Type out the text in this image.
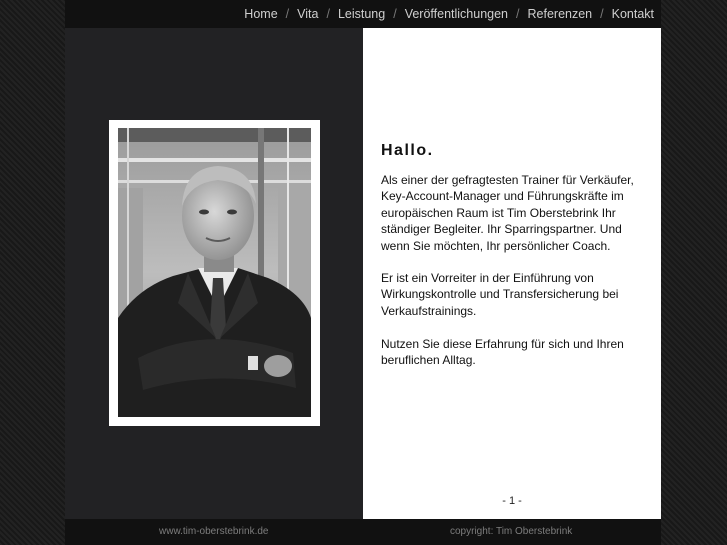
Home / Vita / Leistung / Veröffentlichungen / Referenzen / Kontakt
Hallo.

Als einer der gefragtesten Trainer für Verkäufer, Key-Account-Manager und Führungskräfte im europäischen Raum ist Tim Oberstebrink Ihr ständiger Begleiter. Ihr Sparringspartner. Und wenn Sie möchten, Ihr persönlicher Coach.

Er ist ein Vorreiter in der Einführung von Wirkungskontrolle und Transfersicherung bei Verkaufstrainings.

Nutzen Sie diese Erfahrung für sich und Ihren beruflichen Alltag.

- 1 -
www.tim-oberstebrink.de	copyright: Tim Oberstebrink
